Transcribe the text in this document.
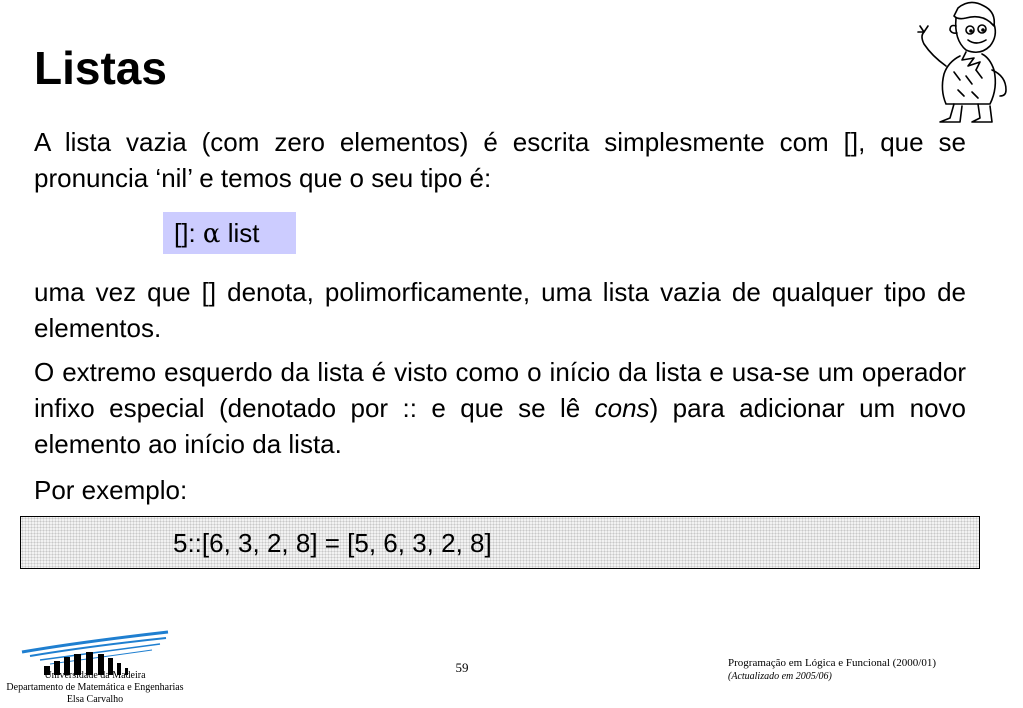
Listas

A lista vazia (com zero elementos) é escrita simplesmente com [], que se pronuncia ‘nil’ e temos que o seu tipo é:

[]: α list

uma vez que [] denota, polimorficamente, uma lista vazia de qualquer tipo de elementos.

O extremo esquerdo da lista é visto como o início da lista e usa-se um operador infixo especial (denotado por :: e que se lê cons) para adicionar um novo elemento ao início da lista.

Por exemplo:

5::[6, 3, 2, 8] = [5, 6, 3, 2, 8]
Universidade da Madeira
Departamento de Matemática e Engenharias
Elsa Carvalho
59	Programação em Lógica e Funcional (2000/01)
(Actualizado em 2005/06)
